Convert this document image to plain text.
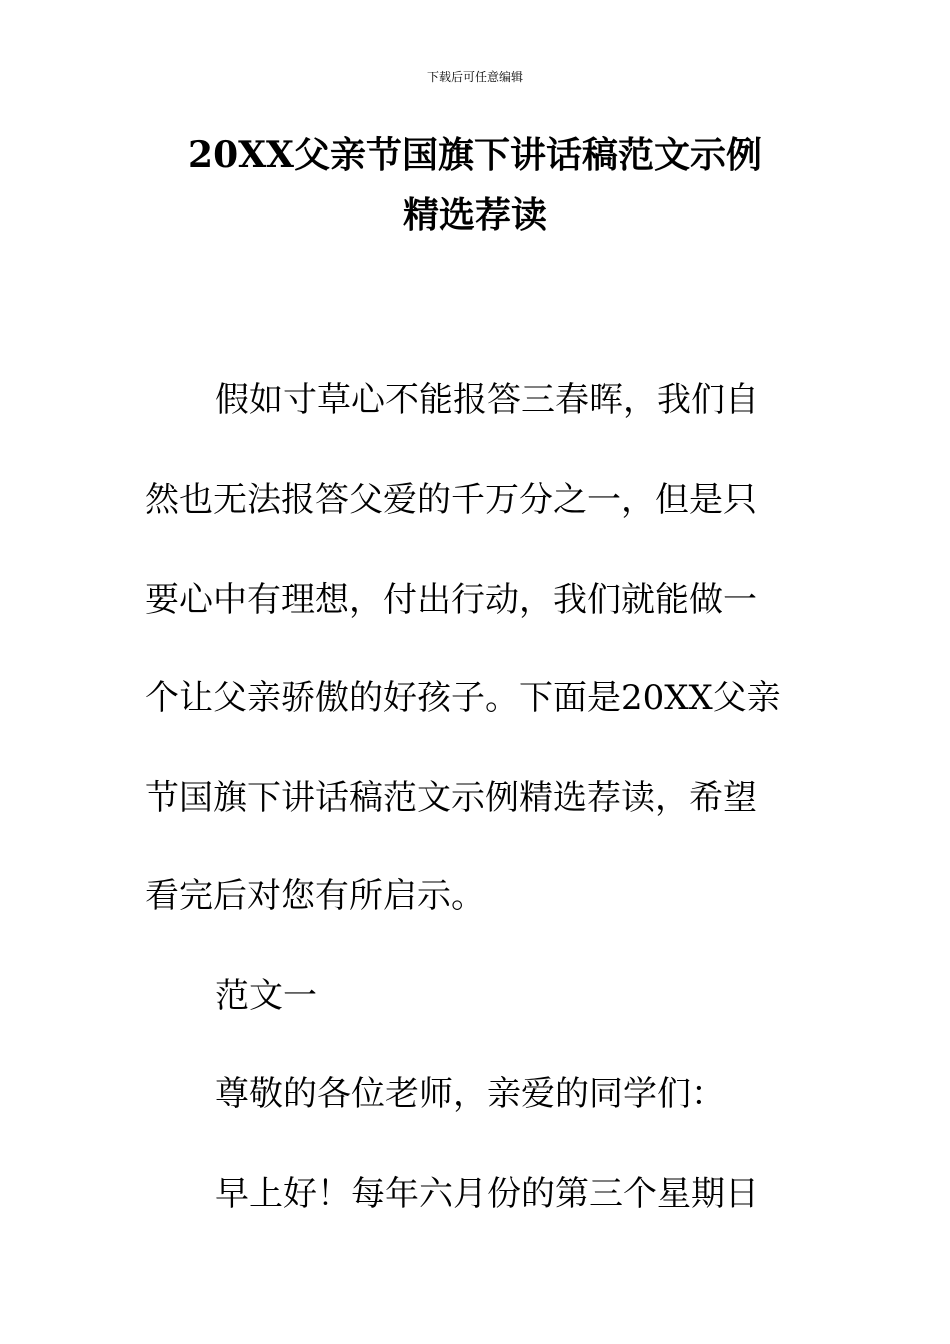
下载后可任意编辑
20XX父亲节国旗下讲话稿范文示例
精选荐读
假如寸草心不能报答三春晖，我们自
然也无法报答父爱的千万分之一，但是只
要心中有理想，付出行动，我们就能做一
个让父亲骄傲的好孩子。下面是20XX父亲
节国旗下讲话稿范文示例精选荐读，希望
看完后对您有所启示。
范文一
尊敬的各位老师，亲爱的同学们：
早上好！每年六月份的第三个星期日
